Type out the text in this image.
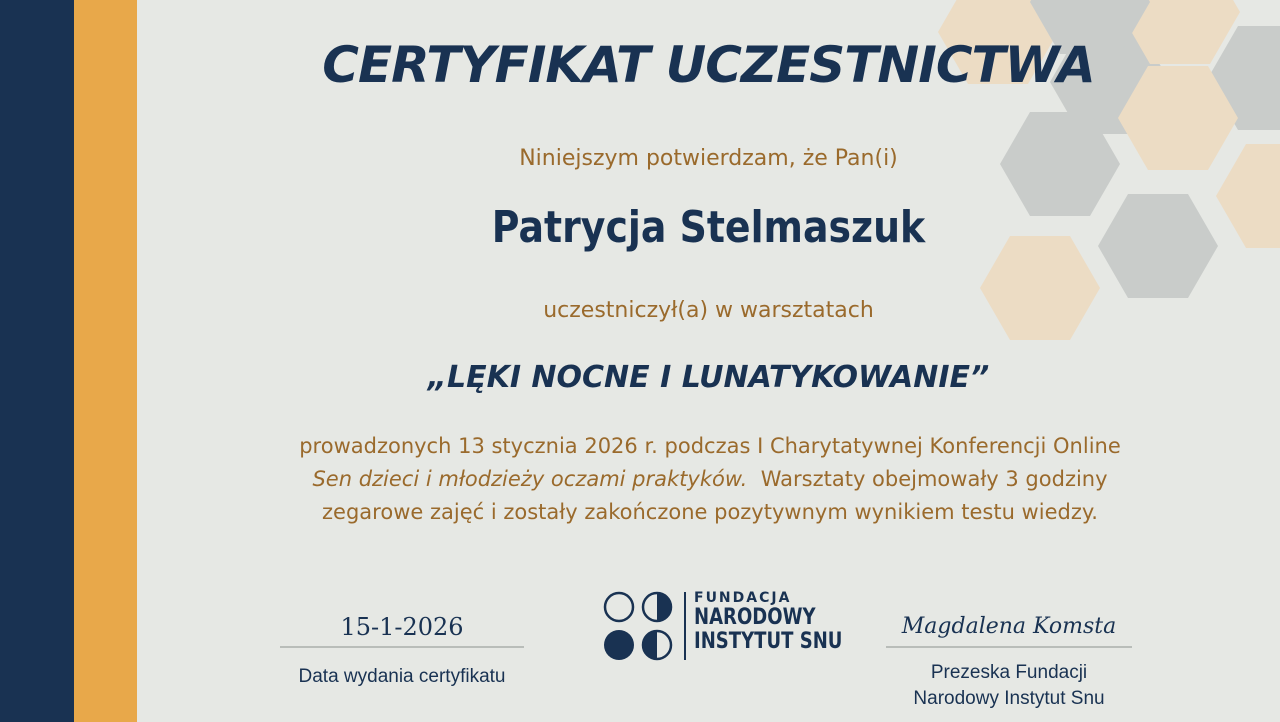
CERTYFIKAT UCZESTNICTWA
Niniejszym potwierdzam, że Pan(i)
Patrycja Stelmaszuk
uczestniczył(a) w warsztatach
„LĘKI NOCNE I LUNATYKOWANIE”
prowadzonych 13 stycznia 2026 r. podczas I Charytatywnej Konferencji Online
Sen dzieci i młodzieży oczami praktyków. Warsztaty obejmowały 3 godziny
zegarowe zajęć i zostały zakończone pozytywnym wynikiem testu wiedzy.
15-1-2026
Data wydania certyfikatu
FUNDACJA
NARODOWY
INSTYTUT SNU
Magdalena Komsta
Prezeska Fundacji
Narodowy Instytut Snu
